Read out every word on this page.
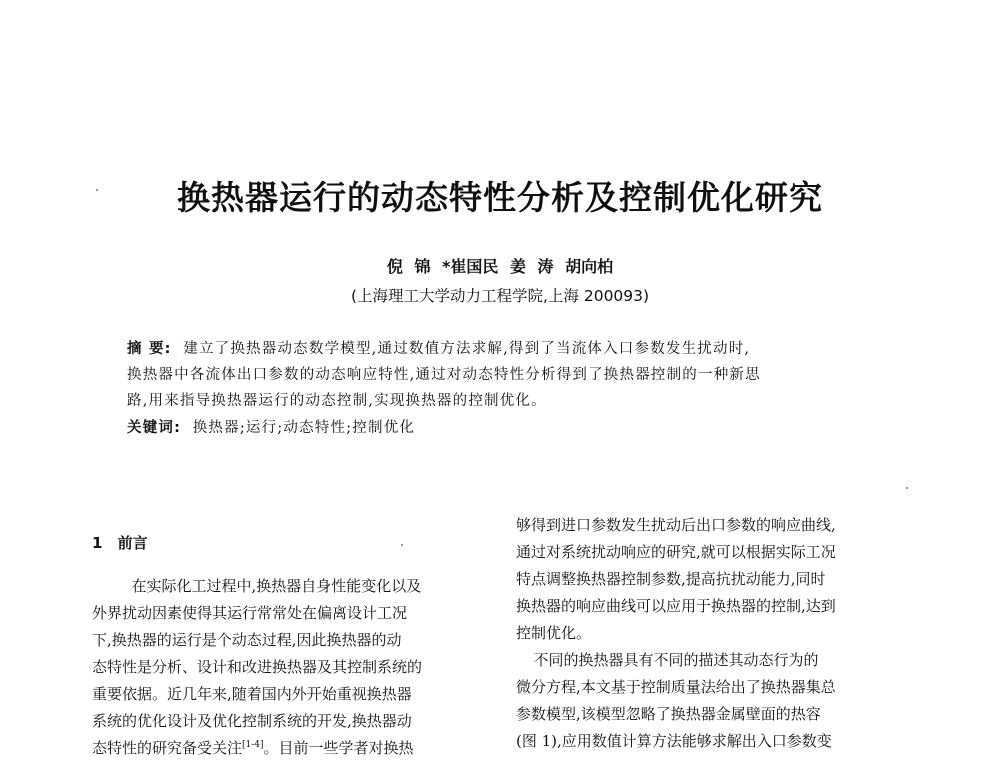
换热器运行的动态特性分析及控制优化研究
倪 锦 *崔国民 姜 涛 胡向柏
(上海理工大学动力工程学院,上海 200093)
摘 要: 建立了换热器动态数学模型,通过数值方法求解,得到了当流体入口参数发生扰动时,
换热器中各流体出口参数的动态响应特性,通过对动态特性分析得到了换热器控制的一种新思
路,用来指导换热器运行的动态控制,实现换热器的控制优化。
关键词: 换热器;运行;动态特性;控制优化
1 前言
在实际化工过程中,换热器自身性能变化以及
外界扰动因素使得其运行常常处在偏离设计工况
下,换热器的运行是个动态过程,因此换热器的动
态特性是分析、设计和改进换热器及其控制系统的
重要依据。近几年来,随着国内外开始重视换热器
系统的优化设计及优化控制系统的开发,换热器动
态特性的研究备受关注[1-4]。目前一些学者对换热
够得到进口参数发生扰动后出口参数的响应曲线,
通过对系统扰动响应的研究,就可以根据实际工况
特点调整换热器控制参数,提高抗扰动能力,同时
换热器的响应曲线可以应用于换热器的控制,达到
控制优化。
不同的换热器具有不同的描述其动态行为的
微分方程,本文基于控制质量法给出了换热器集总
参数模型,该模型忽略了换热器金属壁面的热容
(图 1),应用数值计算方法能够求解出入口参数变
